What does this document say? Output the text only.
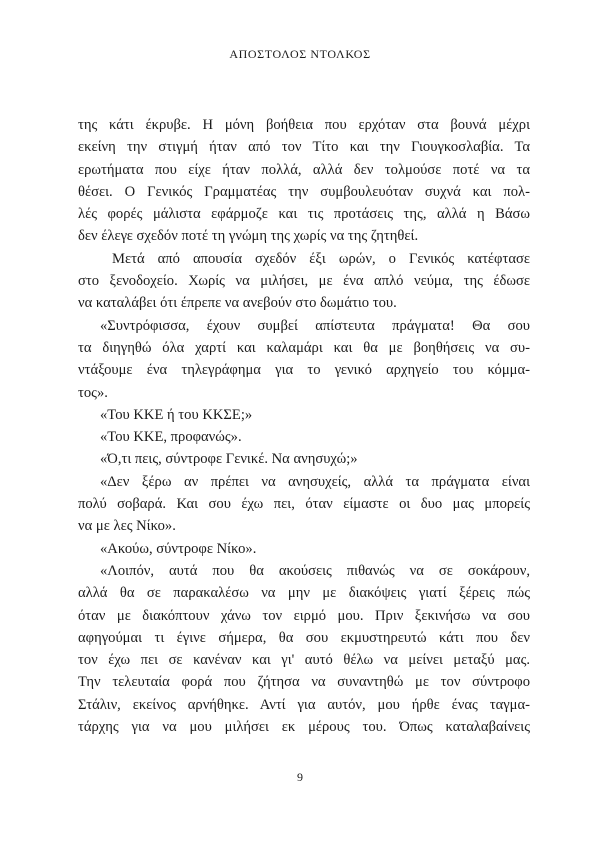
ΑΠΟΣΤΟΛΟΣ ΝΤΟΛΚΟΣ
της κάτι έκρυβε. Η μόνη βοήθεια που ερχόταν στα βουνά μέχρι
εκείνη την στιγμή ήταν από τον Τίτο και την Γιουγκοσλαβία. Τα
ερωτήματα που είχε ήταν πολλά, αλλά δεν τολμούσε ποτέ να τα
θέσει. Ο Γενικός Γραμματέας την συμβουλευόταν συχνά και πολ-
λές φορές μάλιστα εφάρμοζε και τις προτάσεις της, αλλά η Βάσω
δεν έλεγε σχεδόν ποτέ τη γνώμη της χωρίς να της ζητηθεί.
Μετά από απουσία σχεδόν έξι ωρών, ο Γενικός κατέφτασε
στο ξενοδοχείο. Χωρίς να μιλήσει, με ένα απλό νεύμα, της έδωσε
να καταλάβει ότι έπρεπε να ανεβούν στο δωμάτιο του.
«Συντρόφισσα, έχουν συμβεί απίστευτα πράγματα! Θα σου
τα διηγηθώ όλα χαρτί και καλαμάρι και θα με βοηθήσεις να συ-
ντάξουμε ένα τηλεγράφημα για το γενικό αρχηγείο του κόμμα-
τος».
«Του ΚΚΕ ή του ΚΚΣΕ;»
«Του ΚΚΕ, προφανώς».
«Ό,τι πεις, σύντροφε Γενικέ. Να ανησυχώ;»
«Δεν ξέρω αν πρέπει να ανησυχείς, αλλά τα πράγματα είναι
πολύ σοβαρά. Και σου έχω πει, όταν είμαστε οι δυο μας μπορείς
να με λες Νίκο».
«Ακούω, σύντροφε Νίκο».
«Λοιπόν, αυτά που θα ακούσεις πιθανώς να σε σοκάρουν,
αλλά θα σε παρακαλέσω να μην με διακόψεις γιατί ξέρεις πώς
όταν με διακόπτουν χάνω τον ειρμό μου. Πριν ξεκινήσω να σου
αφηγούμαι τι έγινε σήμερα, θα σου εκμυστηρευτώ κάτι που δεν
τον έχω πει σε κανέναν και γι' αυτό θέλω να μείνει μεταξύ μας.
Την τελευταία φορά που ζήτησα να συναντηθώ με τον σύντροφο
Στάλιν, εκείνος αρνήθηκε. Αντί για αυτόν, μου ήρθε ένας ταγμα-
τάρχης για να μου μιλήσει εκ μέρους του. Όπως καταλαβαίνεις
9
